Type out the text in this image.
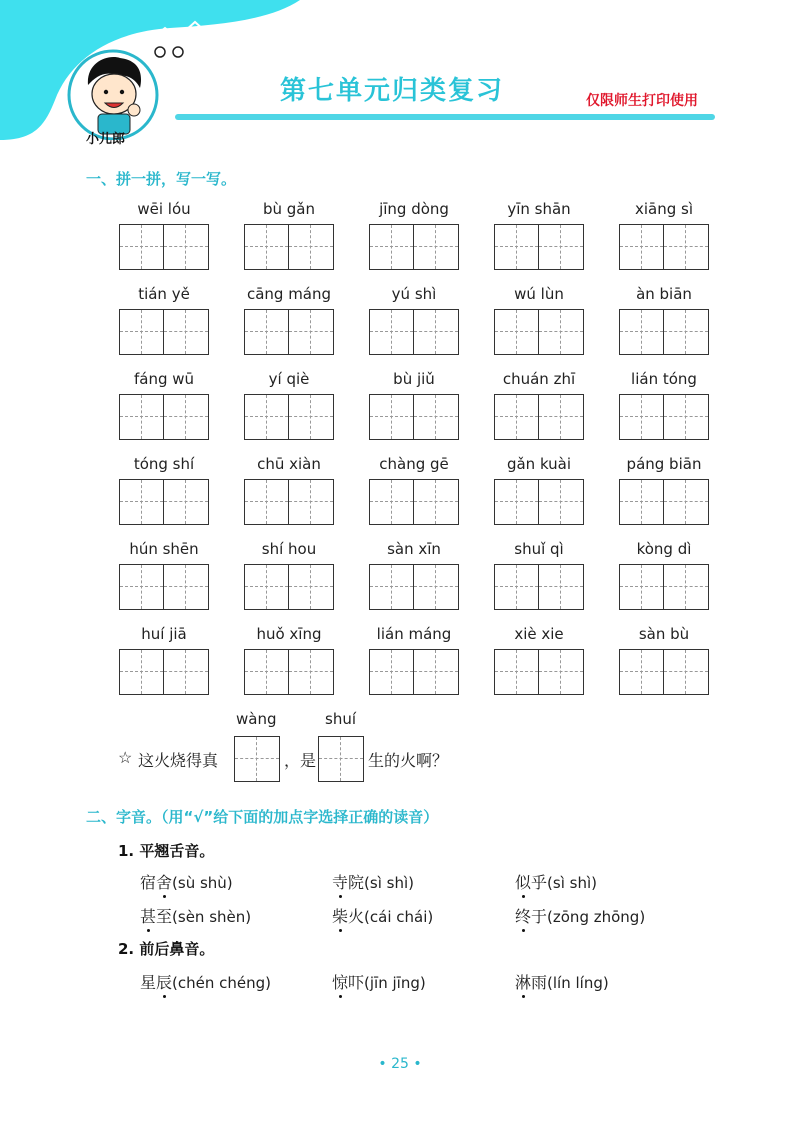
第七单元归类复习	仅限师生打印使用
小儿郎
一、拼一拼，写一写。
wēi lóu	bù gǎn	jīng dòng	yīn shān	xiāng sì
tián yě	cāng máng	yú shì	wú lùn	àn biān
fáng wū	yí qiè	bù jiǔ	chuán zhī	lián tóng
tóng shí	chū xiàn	chàng gē	gǎn kuài	páng biān
hún shēn	shí hou	sàn xīn	shuǐ qì	kòng dì
huí jiā	huǒ xīng	lián máng	xiè xie	sàn bù
☆ 这火烧得真
wàng
，是
shuí
生的火啊？
二、字音。（用“√”给下面的加点字选择正确的读音）
1. 平翘舌音。
2. 前后鼻音。
宿舍(sù shù)	寺院(sì shì)	似乎(sì shì)
甚至(sèn shèn)	柴火(cái chái)	终于(zōng zhōng)
星辰(chén chéng)	惊吓(jīn jīng)	淋雨(lín líng)
• 25 •
